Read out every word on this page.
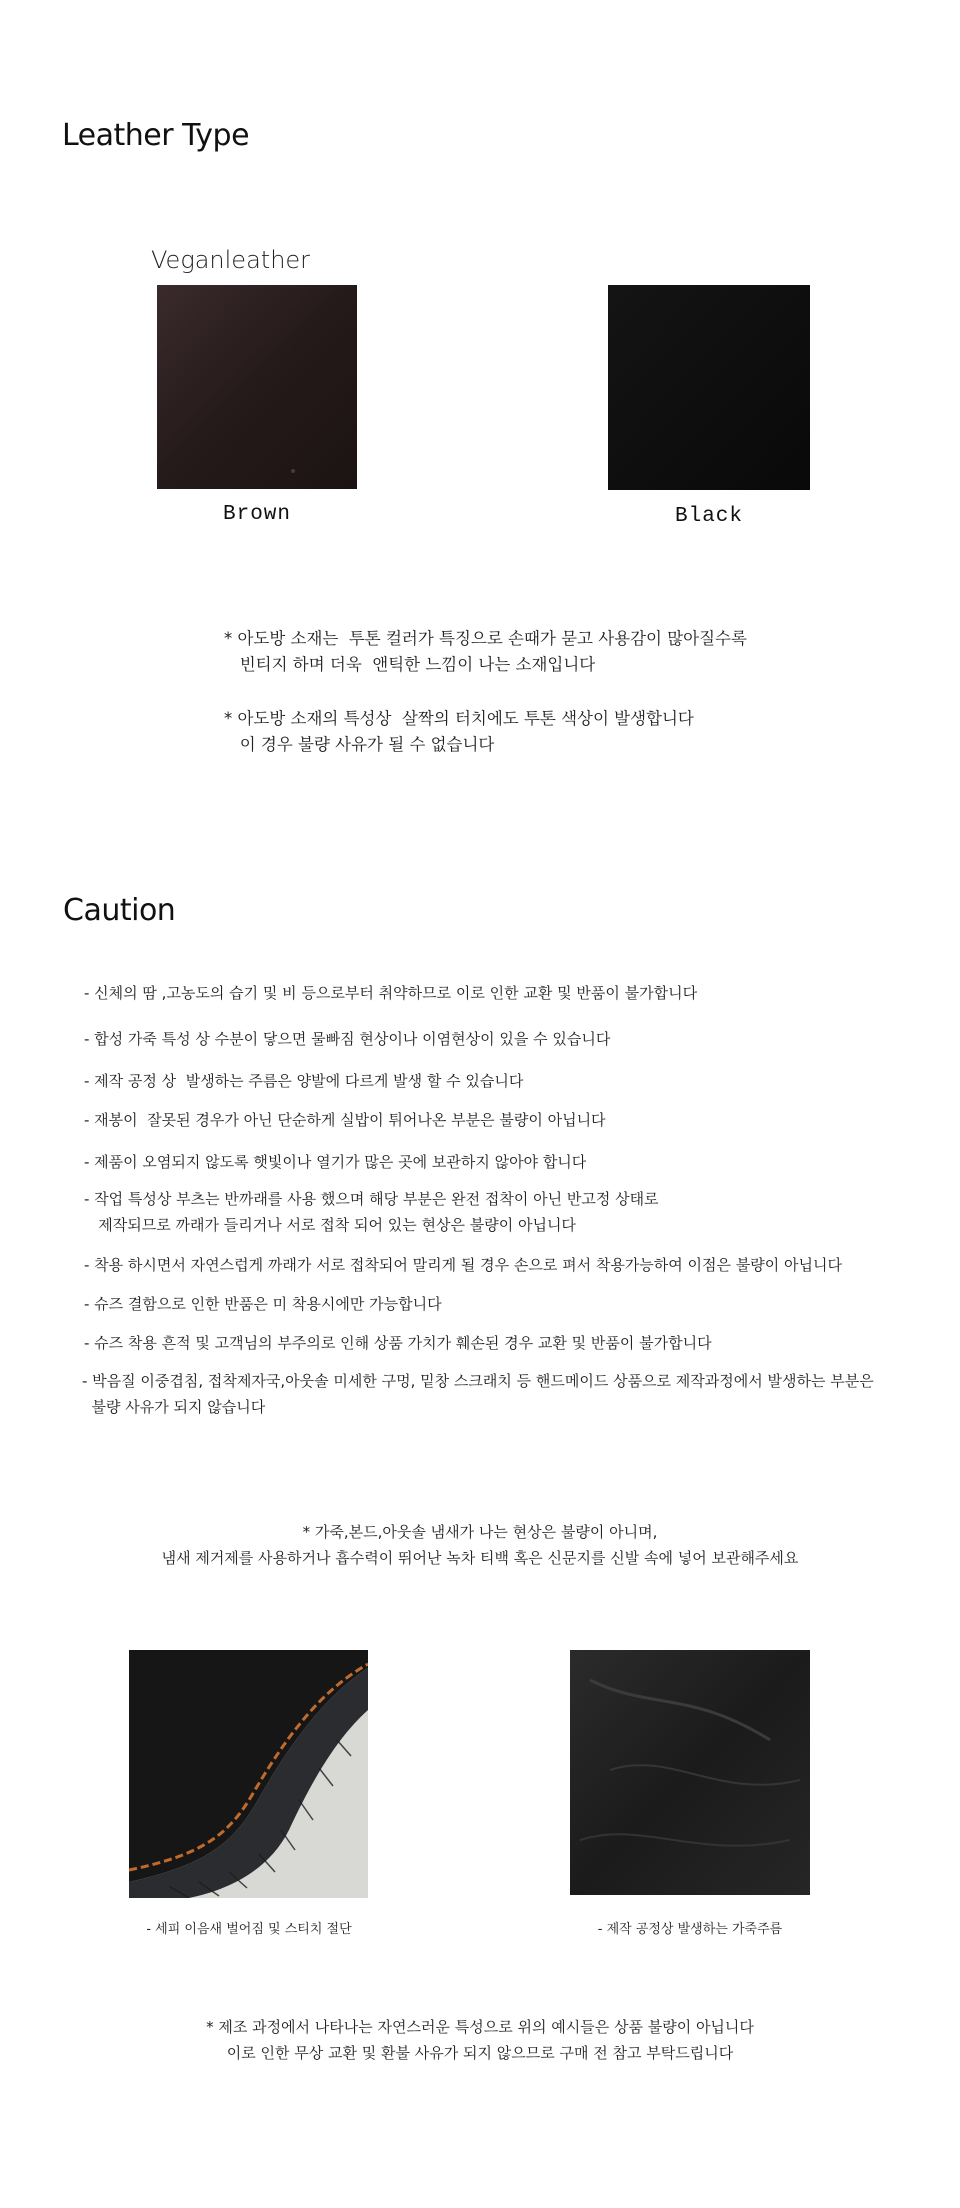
Leather Type
Veganleather
Brown	Black
* 아도방 소재는  투톤 컬러가 특징으로 손때가 묻고 사용감이 많아질수록
빈티지 하며 더욱  앤틱한 느낌이 나는 소재입니다
* 아도방 소재의 특성상  살짝의 터치에도 투톤 색상이 발생합니다
이 경우 불량 사유가 될 수 없습니다
Caution
- 신체의 땀 ,고농도의 습기 및 비 등으로부터 취약하므로 이로 인한 교환 및 반품이 불가합니다
- 합성 가죽 특성 상 수분이 닿으면 물빠짐 현상이나 이염현상이 있을 수 있습니다
- 제작 공정 상  발생하는 주름은 양발에 다르게 발생 할 수 있습니다
- 재봉이  잘못된 경우가 아닌 단순하게 실밥이 튀어나온 부분은 불량이 아닙니다
- 제품이 오염되지 않도록 햇빛이나 열기가 많은 곳에 보관하지 않아야 합니다
- 작업 특성상 부츠는 반까래를 사용 했으며 해당 부분은 완전 접착이 아닌 반고정 상태로
제작되므로 까래가 들리거나 서로 접착 되어 있는 현상은 불량이 아닙니다
- 착용 하시면서 자연스럽게 까래가 서로 접착되어 말리게 될 경우 손으로 펴서 착용가능하여 이점은 불량이 아닙니다
- 슈즈 결함으로 인한 반품은 미 착용시에만 가능합니다
- 슈즈 착용 흔적 및 고객님의 부주의로 인해 상품 가치가 훼손된 경우 교환 및 반품이 불가합니다
- 박음질 이중겹침, 접착제자국,아웃솔 미세한 구멍, 밑창 스크래치 등 핸드메이드 상품으로 제작과정에서 발생하는 부분은
불량 사유가 되지 않습니다
* 가죽,본드,아웃솔 냄새가 나는 현상은 불량이 아니며,
냄새 제거제를 사용하거나 흡수력이 뛰어난 녹차 티백 혹은 신문지를 신발 속에 넣어 보관해주세요
- 세피 이음새 벌어짐 및 스티치 절단	- 제작 공정상 발생하는 가죽주름
* 제조 과정에서 나타나는 자연스러운 특성으로 위의 예시들은 상품 불량이 아닙니다
이로 인한 무상 교환 및 환불 사유가 되지 않으므로 구매 전 참고 부탁드립니다
